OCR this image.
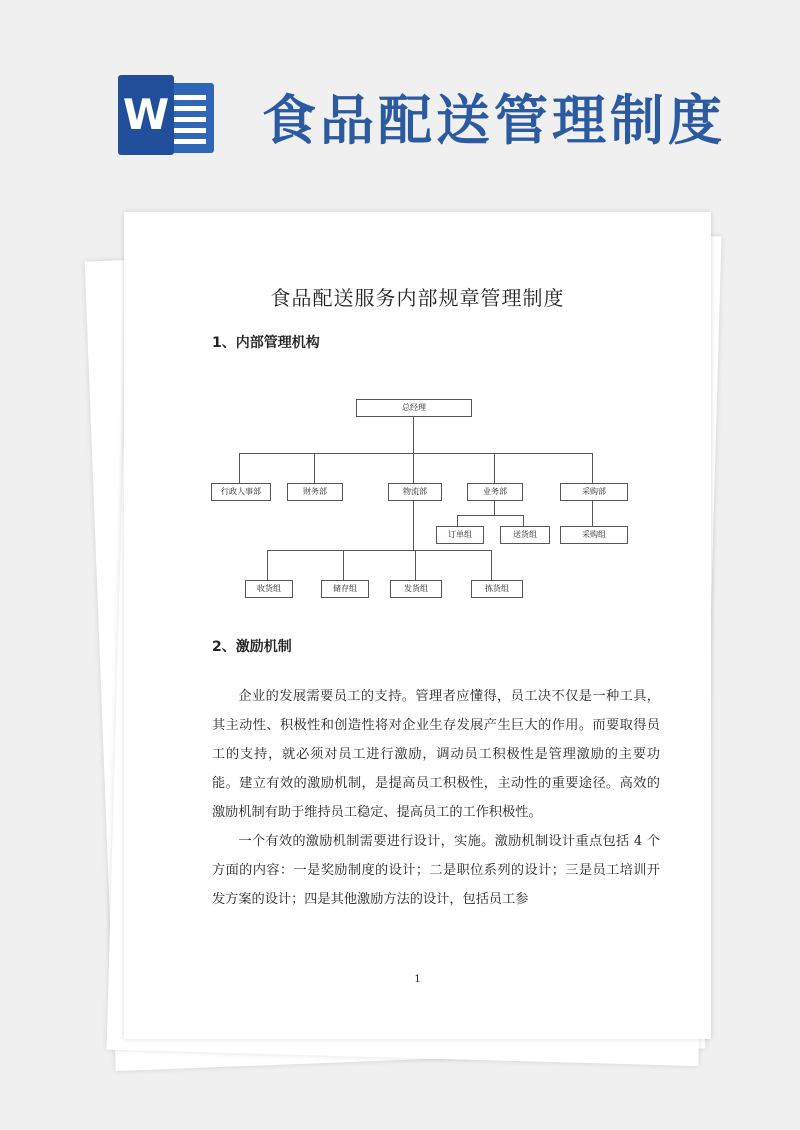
W 食品配送管理制度
食品配送服务内部规章管理制度
1、内部管理机构
总经理
行政人事部	财务部	物流部	业务部	采购部
订单组	送货组	采购组
收货组	储存组	发货组	拣货组
2、激励机制

企业的发展需要员工的支持。管理者应懂得，员工决不仅是一种工具，其主动性、积极性和创造性将对企业生存发展产生巨大的作用。而要取得员工的支持，就必须对员工进行激励，调动员工积极性是管理激励的主要功能。建立有效的激励机制，是提高员工积极性，主动性的重要途径。高效的激励机制有助于维持员工稳定、提高员工的工作积极性。

一个有效的激励机制需要进行设计，实施。激励机制设计重点包括 4 个方面的内容：一是奖励制度的设计；二是职位系列的设计；三是员工培训开发方案的设计；四是其他激励方法的设计，包括员工参

1
